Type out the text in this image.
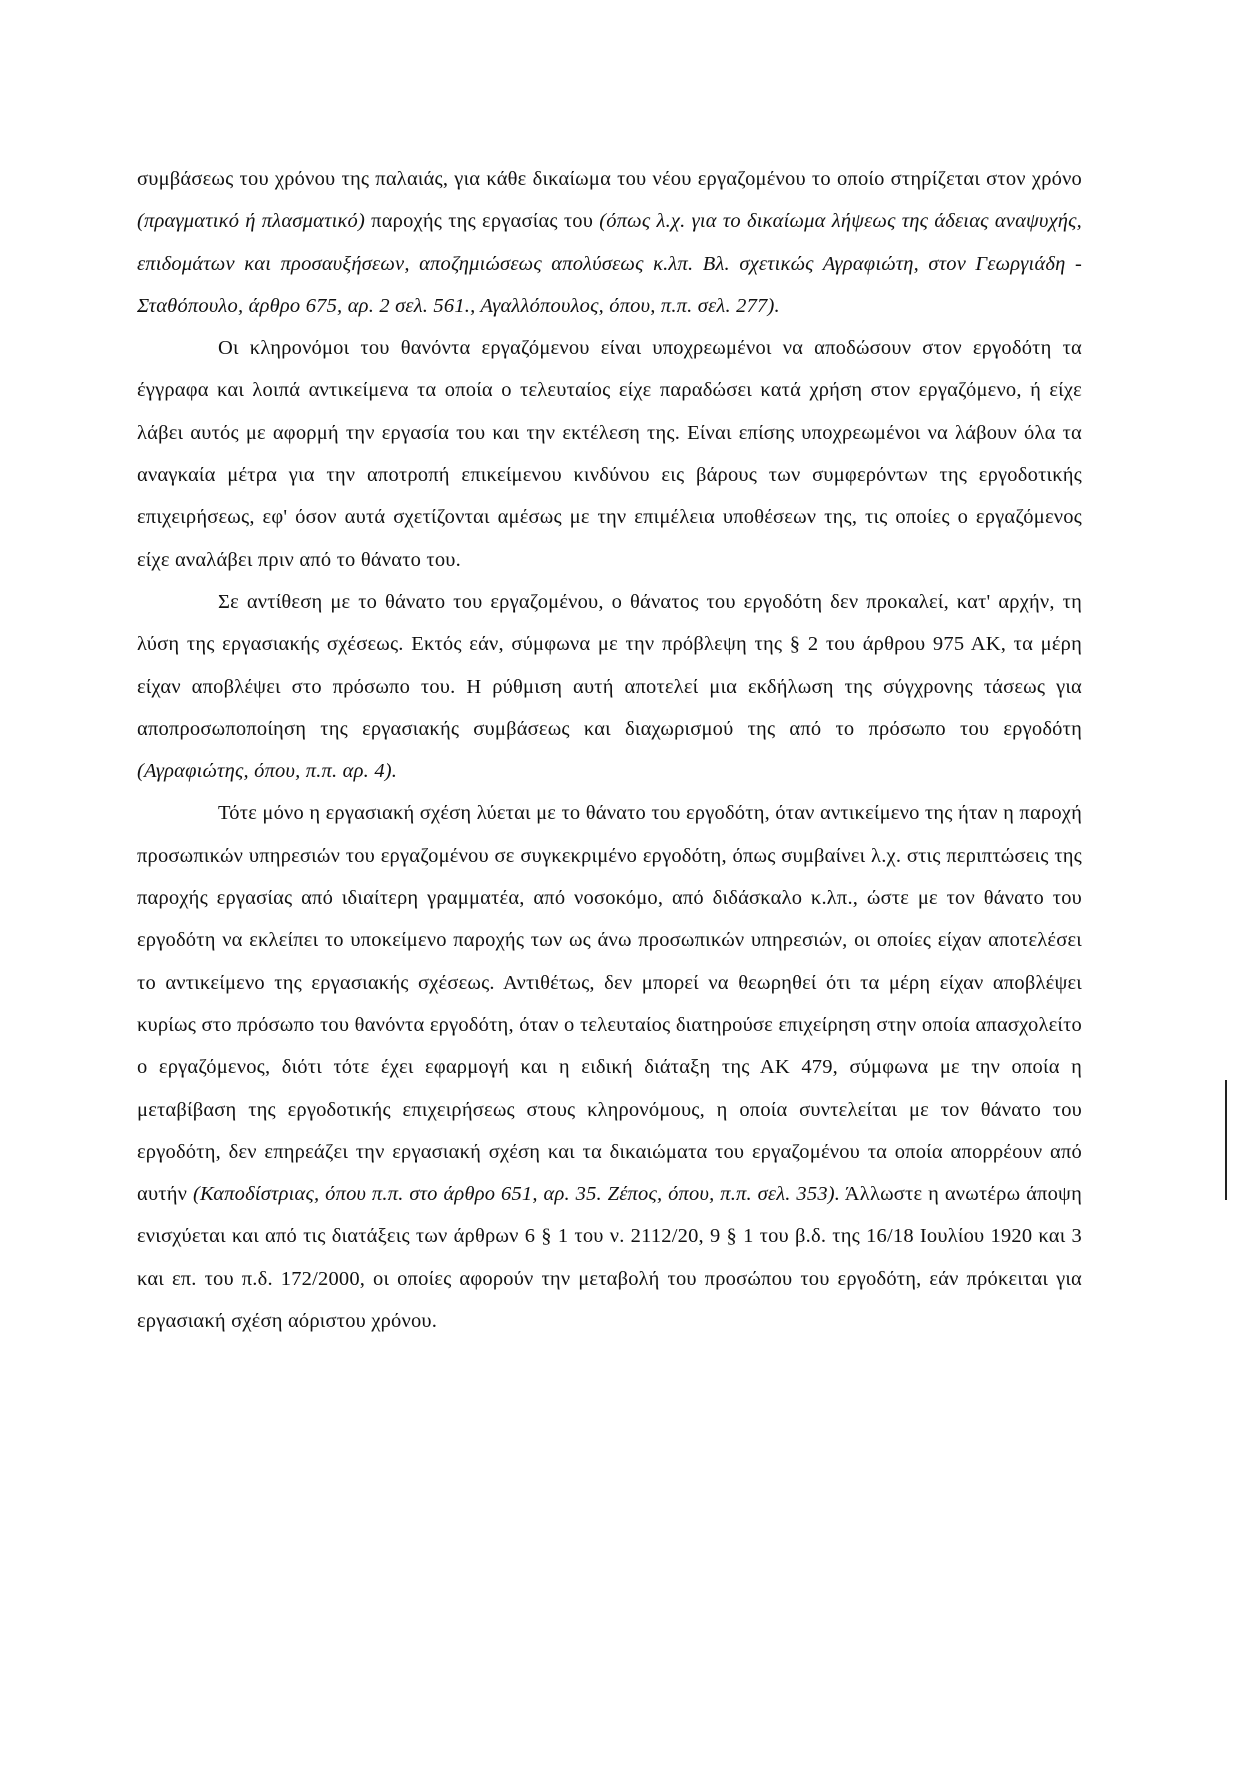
συμβάσεως του χρόνου της παλαιάς, για κάθε δικαίωμα του νέου εργαζομένου το οποίο στηρίζεται στον χρόνο (πραγματικό ή πλασματικό) παροχής της εργασίας του (όπως λ.χ. για το δικαίωμα λήψεως της άδειας αναψυχής, επιδομάτων και προσαυξήσεων, αποζημιώσεως απολύσεως κ.λπ. Βλ. σχετικώς Αγραφιώτη, στον Γεωργιάδη - Σταθόπουλο, άρθρο 675, αρ. 2 σελ. 561., Αγαλλόπουλος, όπου, π.π. σελ. 277).

Οι κληρονόμοι του θανόντα εργαζόμενου είναι υποχρεωμένοι να αποδώσουν στον εργοδότη τα έγγραφα και λοιπά αντικείμενα τα οποία ο τελευταίος είχε παραδώσει κατά χρήση στον εργαζόμενο, ή είχε λάβει αυτός με αφορμή την εργασία του και την εκτέλεση της. Είναι επίσης υποχρεωμένοι να λάβουν όλα τα αναγκαία μέτρα για την αποτροπή επικείμενου κινδύνου εις βάρους των συμφερόντων της εργοδοτικής επιχειρήσεως, εφ' όσον αυτά σχετίζονται αμέσως με την επιμέλεια υποθέσεων της, τις οποίες ο εργαζόμενος είχε αναλάβει πριν από το θάνατο του.

Σε αντίθεση με το θάνατο του εργαζομένου, ο θάνατος του εργοδότη δεν προκαλεί, κατ' αρχήν, τη λύση της εργασιακής σχέσεως. Εκτός εάν, σύμφωνα με την πρόβλεψη της § 2 του άρθρου 975 ΑΚ, τα μέρη είχαν αποβλέψει στο πρόσωπο του. Η ρύθμιση αυτή αποτελεί μια εκδήλωση της σύγχρονης τάσεως για αποπροσωποποίηση της εργασιακής συμβάσεως και διαχωρισμού της από το πρόσωπο του εργοδότη (Αγραφιώτης, όπου, π.π. αρ. 4).

Τότε μόνο η εργασιακή σχέση λύεται με το θάνατο του εργοδότη, όταν αντικείμενο της ήταν η παροχή προσωπικών υπηρεσιών του εργαζομένου σε συγκεκριμένο εργοδότη, όπως συμβαίνει λ.χ. στις περιπτώσεις της παροχής εργασίας από ιδιαίτερη γραμματέα, από νοσοκόμο, από διδάσκαλο κ.λπ., ώστε με τον θάνατο του εργοδότη να εκλείπει το υποκείμενο παροχής των ως άνω προσωπικών υπηρεσιών, οι οποίες είχαν αποτελέσει το αντικείμενο της εργασιακής σχέσεως. Αντιθέτως, δεν μπορεί να θεωρηθεί ότι τα μέρη είχαν αποβλέψει κυρίως στο πρόσωπο του θανόντα εργοδότη, όταν ο τελευταίος διατηρούσε επιχείρηση στην οποία απασχολείτο ο εργαζόμενος, διότι τότε έχει εφαρμογή και η ειδική διάταξη της ΑΚ 479, σύμφωνα με την οποία η μεταβίβαση της εργοδοτικής επιχειρήσεως στους κληρονόμους, η οποία συντελείται με τον θάνατο του εργοδότη, δεν επηρεάζει την εργασιακή σχέση και τα δικαιώματα του εργαζομένου τα οποία απορρέουν από αυτήν (Καποδίστριας, όπου π.π. στο άρθρο 651, αρ. 35. Ζέπος, όπου, π.π. σελ. 353). Άλλωστε η ανωτέρω άποψη ενισχύεται και από τις διατάξεις των άρθρων 6 § 1 του ν. 2112/20, 9 § 1 του β.δ. της 16/18 Ιουλίου 1920 και 3 και επ. του π.δ. 172/2000, οι οποίες αφορούν την μεταβολή του προσώπου του εργοδότη, εάν πρόκειται για εργασιακή σχέση αόριστου χρόνου.
